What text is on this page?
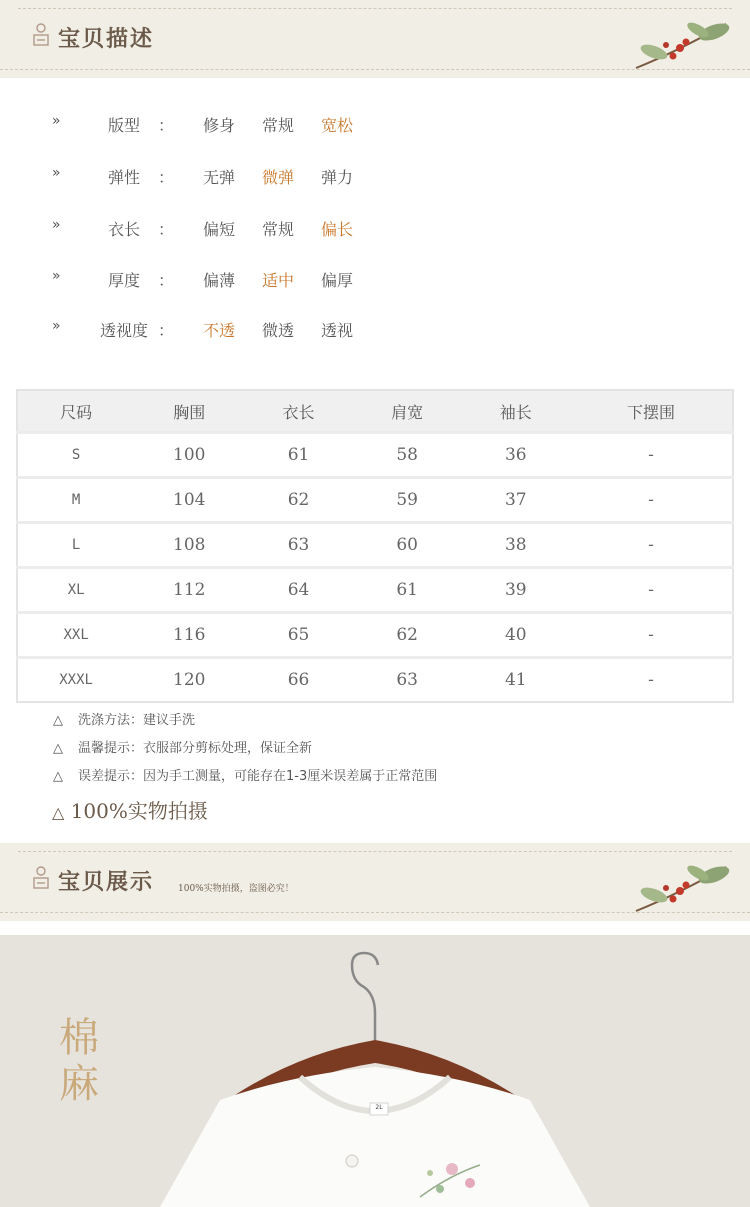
宝贝描述
»	版型	： 修身 常规 宽松
»	弹性	： 无弹 微弹 弹力
»	衣长	： 偏短 常规 偏长
»	厚度	： 偏薄 适中 偏厚
»	透视度 ： 不透 微透 透视
尺码	胸围	衣长	肩宽	袖长	下摆围
S	100	61	58	36	-
M	104	62	59	37	-
L	108	63	60	38	-
XL	112	64	61	39	-
XXL	116	65	62	40	-
XXXL	120	66	63	41	-
△ 洗涤方法：建议手洗
△ 温馨提示：衣服部分剪标处理，保证全新
△ 误差提示：因为手工测量，可能存在1-3厘米误差属于正常范围
△ 100%实物拍摄
宝贝展示	100%实物拍摄，盗图必究！
棉麻
2L
